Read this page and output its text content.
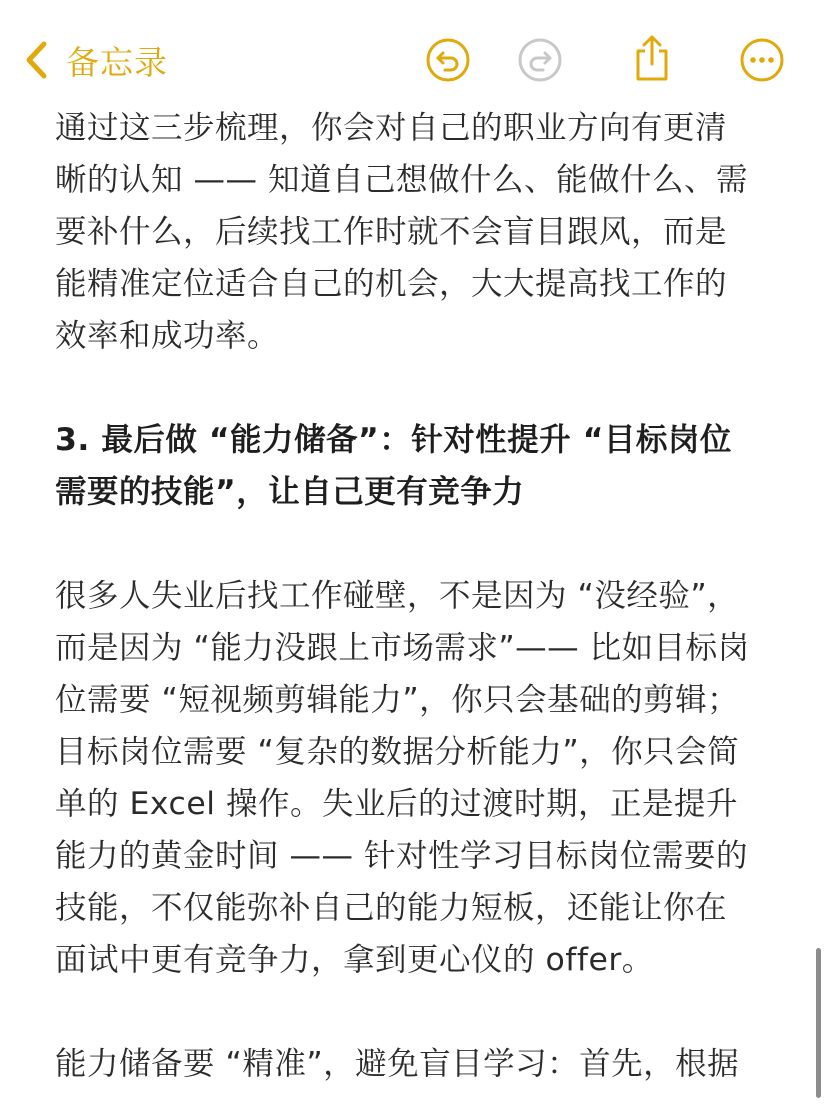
备忘录

通过这三步梳理，你会对自己的职业方向有更清
晰的认知 —— 知道自己想做什么、能做什么、需
要补什么，后续找工作时就不会盲目跟风，而是
能精准定位适合自己的机会，大大提高找工作的
效率和成功率。

3. 最后做 “能力储备”：针对性提升 “目标岗位
需要的技能”，让自己更有竞争力

很多人失业后找工作碰壁，不是因为 “没经验”，
而是因为 “能力没跟上市场需求”—— 比如目标岗
位需要 “短视频剪辑能力”，你只会基础的剪辑；
目标岗位需要 “复杂的数据分析能力”，你只会简
单的 Excel 操作。失业后的过渡时期，正是提升
能力的黄金时间 —— 针对性学习目标岗位需要的
技能，不仅能弥补自己的能力短板，还能让你在
面试中更有竞争力，拿到更心仪的 offer。

能力储备要 “精准”，避免盲目学习：首先，根据
